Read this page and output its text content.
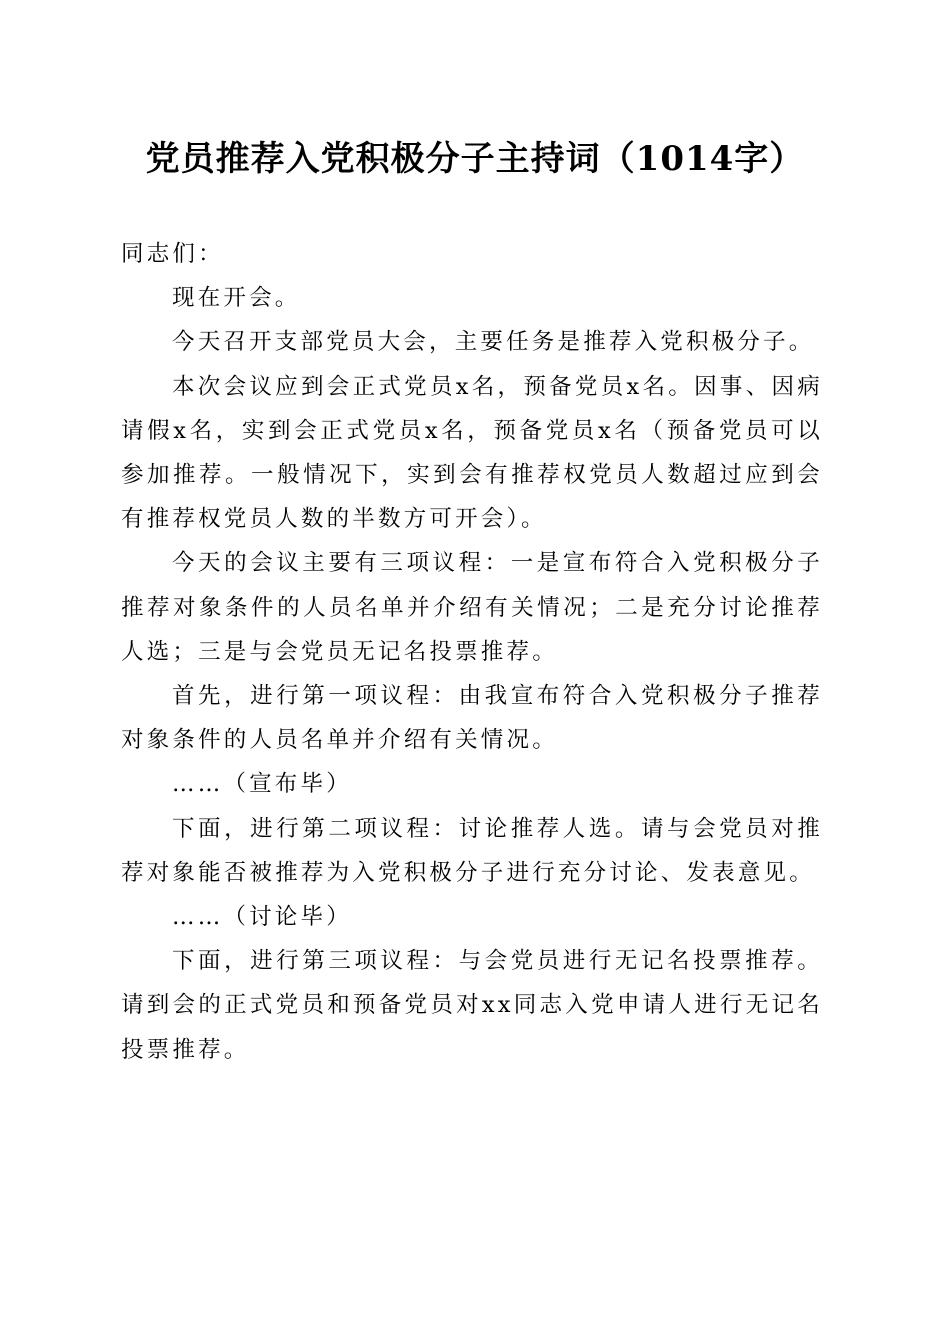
党员推荐入党积极分子主持词（1014字）

同志们：

现在开会。

今天召开支部党员大会，主要任务是推荐入党积极分子。

本次会议应到会正式党员x名，预备党员x名。因事、因病请假x名，实到会正式党员x名，预备党员x名（预备党员可以参加推荐。一般情况下，实到会有推荐权党员人数超过应到会有推荐权党员人数的半数方可开会）。

今天的会议主要有三项议程：一是宣布符合入党积极分子推荐对象条件的人员名单并介绍有关情况；二是充分讨论推荐人选；三是与会党员无记名投票推荐。

首先，进行第一项议程：由我宣布符合入党积极分子推荐对象条件的人员名单并介绍有关情况。

……（宣布毕）

下面，进行第二项议程：讨论推荐人选。请与会党员对推荐对象能否被推荐为入党积极分子进行充分讨论、发表意见。

……（讨论毕）

下面，进行第三项议程：与会党员进行无记名投票推荐。请到会的正式党员和预备党员对xx同志入党申请人进行无记名投票推荐。
